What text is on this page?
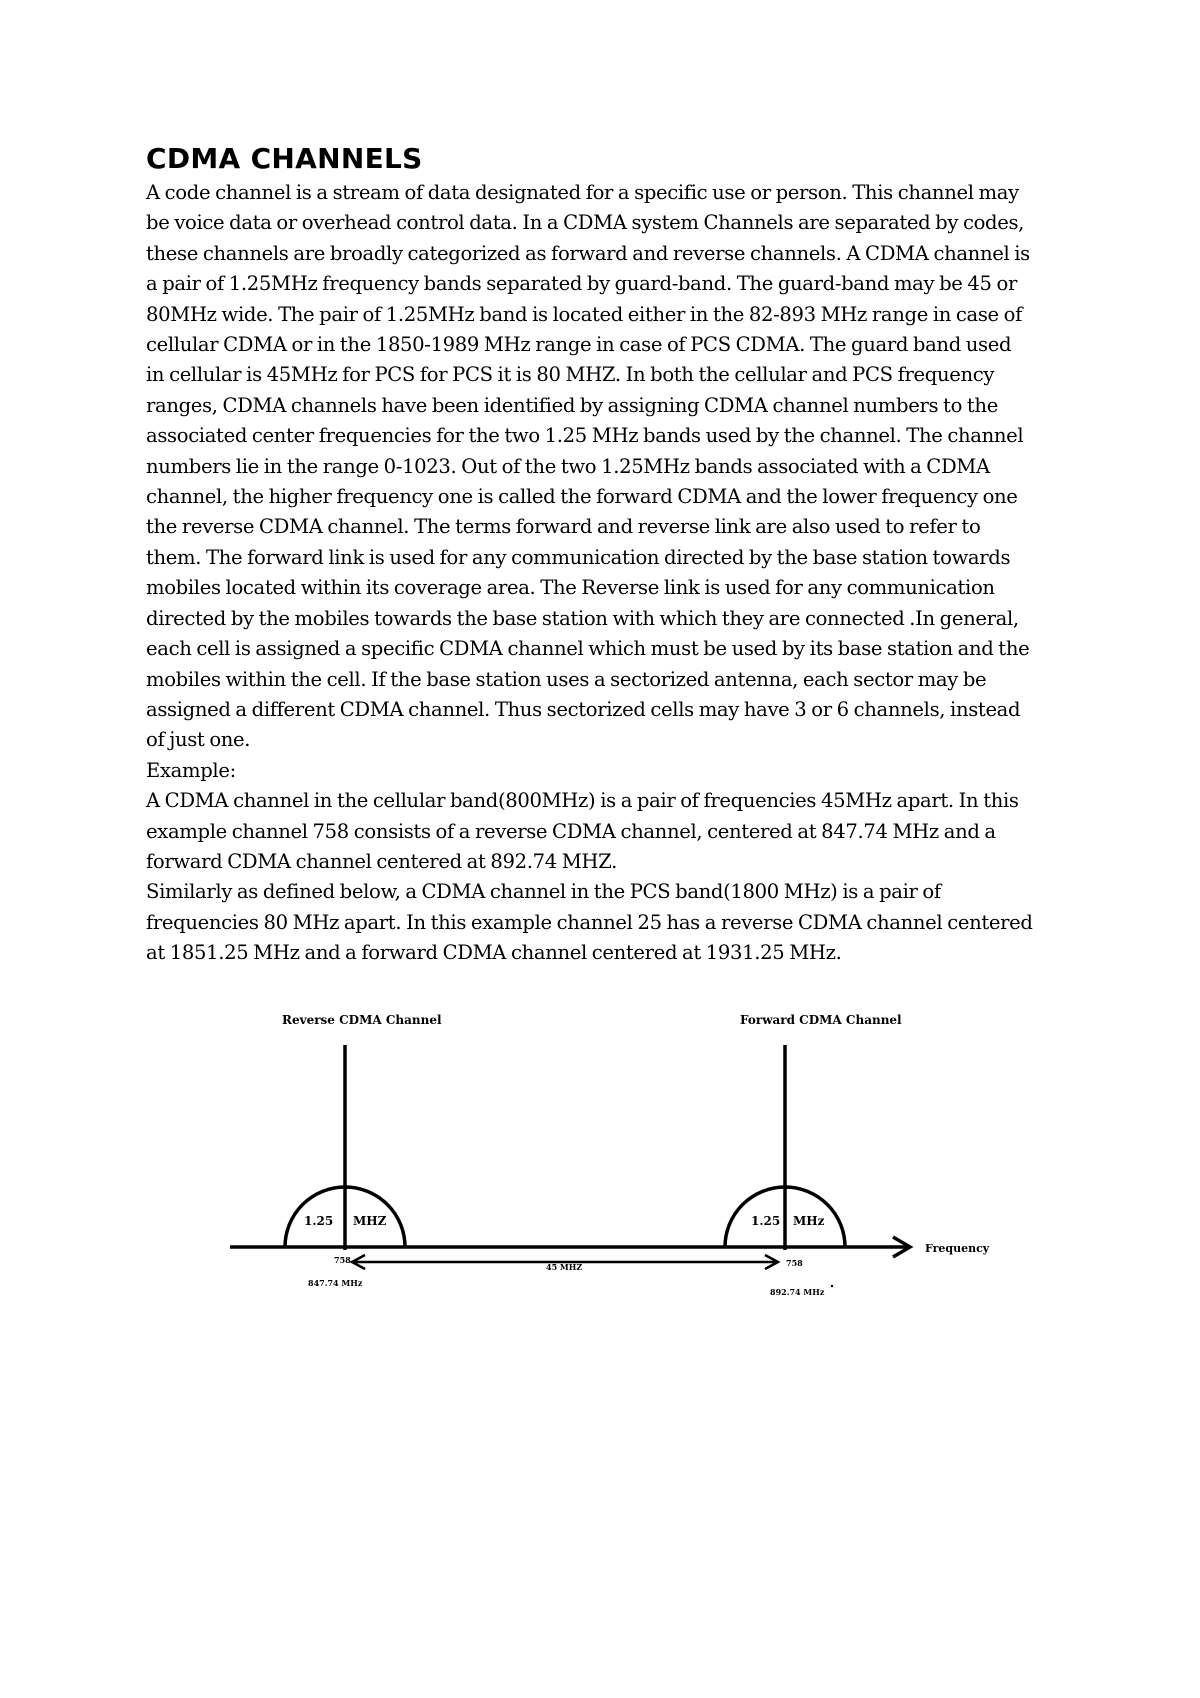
CDMA CHANNELS
A code channel is a stream of data designated for a specific use or person. This channel may
be voice data or overhead control data. In a CDMA system Channels are separated by codes,
these channels are broadly categorized as forward and reverse channels. A CDMA channel is
a pair of 1.25MHz frequency bands separated by guard-band. The guard-band may be 45 or
80MHz wide. The pair of 1.25MHz band is located either in the 82-893 MHz range in case of
cellular CDMA or in the 1850-1989 MHz range in case of PCS CDMA. The guard band used
in cellular is 45MHz for PCS for PCS it is 80 MHZ. In both the cellular and PCS frequency
ranges, CDMA channels have been identified by assigning CDMA channel numbers to the
associated center frequencies for the two 1.25 MHz bands used by the channel. The channel
numbers lie in the range 0-1023. Out of the two 1.25MHz bands associated with a CDMA
channel, the higher frequency one is called the forward CDMA and the lower frequency one
the reverse CDMA channel. The terms forward and reverse link are also used to refer to
them. The forward link is used for any communication directed by the base station towards
mobiles located within its coverage area. The Reverse link is used for any communication
directed by the mobiles towards the base station with which they are connected .In general,
each cell is assigned a specific CDMA channel which must be used by its base station and the
mobiles within the cell. If the base station uses a sectorized antenna, each sector may be
assigned a different CDMA channel. Thus sectorized cells may have 3 or 6 channels, instead
of just one.
Example:
A CDMA channel in the cellular band(800MHz) is a pair of frequencies 45MHz apart. In this
example channel 758 consists of a reverse CDMA channel, centered at 847.74 MHz and a
forward CDMA channel centered at 892.74 MHZ.
Similarly as defined below, a CDMA channel in the PCS band(1800 MHz) is a pair of
frequencies 80 MHz apart. In this example channel 25 has a reverse CDMA channel centered
at 1851.25 MHz and a forward CDMA channel centered at 1931.25 MHz.
Reverse CDMA Channel	Forward CDMA Channel
1.25 MHZ	1.25 MHz
Frequency
758	758
45 MHZ
847.74 MHz
892.74 MHz
